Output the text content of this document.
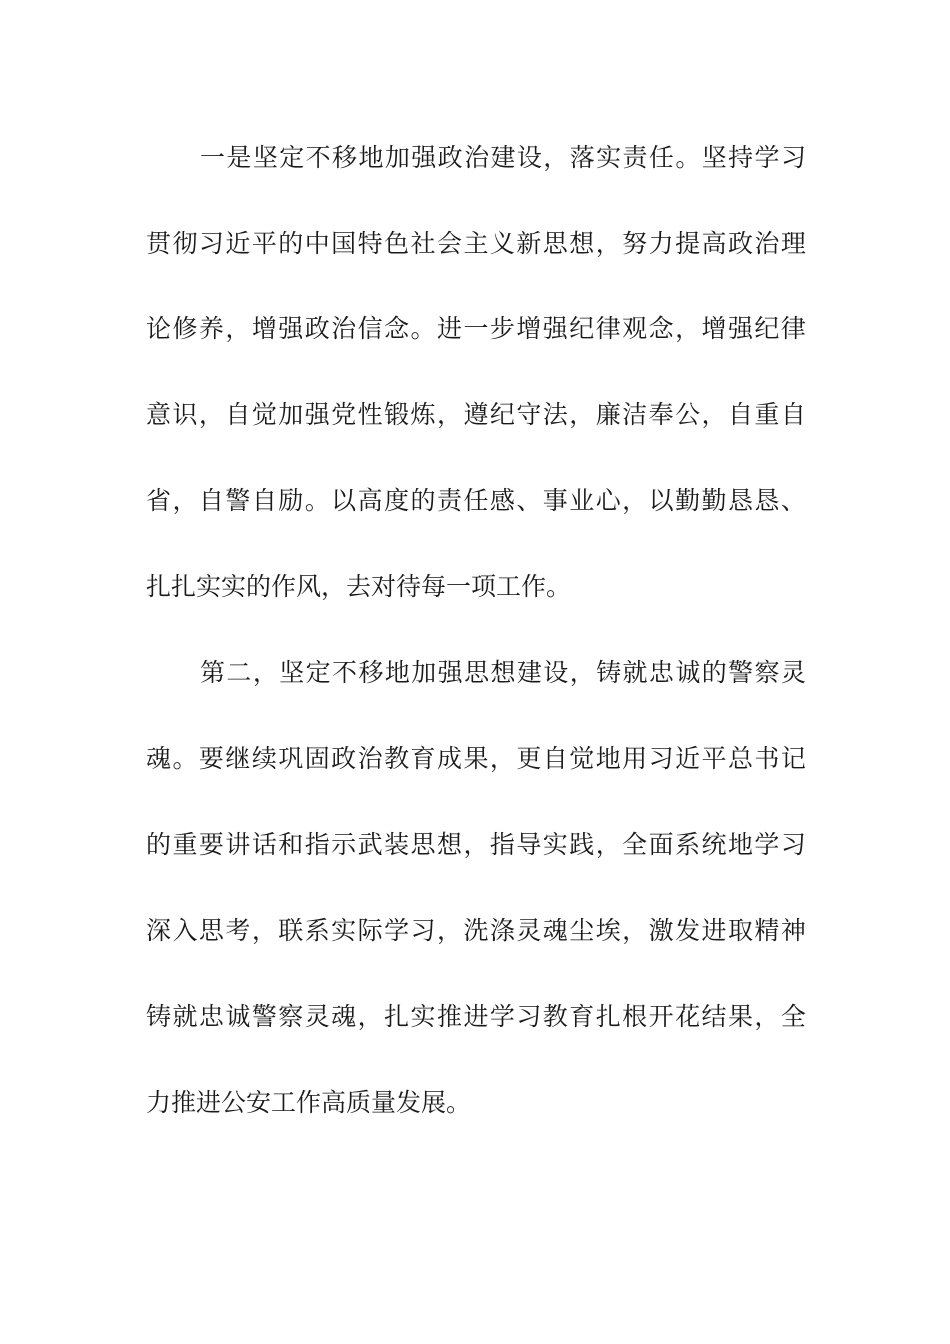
一 是 坚 定 不 移 地 加 强 政 治 建 设 ， 落 实 责 任 。 坚 持 学 习
贯 彻 习 近 平 的 中 国 特 色 社 会 主 义 新 思 想 ， 努 力 提 高 政 治 理
论 修 养 ， 增 强 政 治 信 念 。 进 一 步 增 强 纪 律 观 念 ， 增 强 纪 律
意 识 ， 自 觉 加 强 党 性 锻 炼 ， 遵 纪 守 法 ， 廉 洁 奉 公 ， 自 重 自
省 ， 自 警 自 励 。 以 高 度 的 责 任 感 、 事 业 心 ， 以 勤 勤 恳 恳 、
扎扎实实的作风，去对待每一项工作。
第 二 ， 坚 定 不 移 地 加 强 思 想 建 设 ， 铸 就 忠 诚 的 警 察 灵
魂 。 要 继 续 巩 固 政 治 教 育 成 果 ， 更 自 觉 地 用 习 近 平 总 书 记
的 重 要 讲 话 和 指 示 武 装 思 想 ， 指 导 实 践 ， 全 面 系 统 地 学 习
深 入 思 考 ， 联 系 实 际 学 习 ， 洗 涤 灵 魂 尘 埃 ， 激 发 进 取 精 神
铸 就 忠 诚 警 察 灵 魂 ， 扎 实 推 进 学 习 教 育 扎 根 开 花 结 果 ， 全
力推进公安工作高质量发展。
